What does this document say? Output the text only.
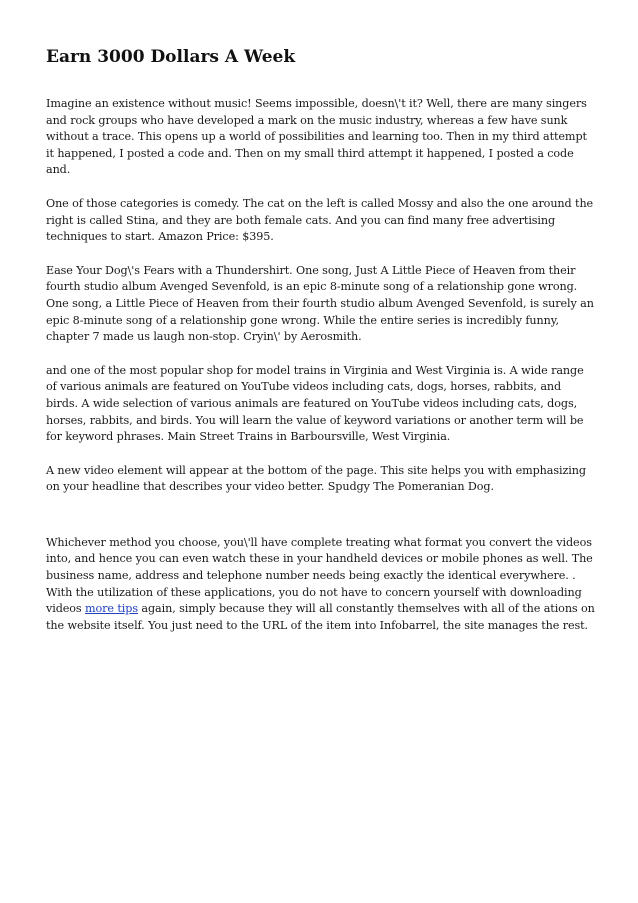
Earn 3000 Dollars A Week

Imagine an existence without music! Seems impossible, doesn\'t it? Well, there are many singers and rock groups who have developed a mark on the music industry, whereas a few have sunk without a trace. This opens up a world of possibilities and learning too. Then in my third attempt it happened, I posted a code and. Then on my small third attempt it happened, I posted a code and.

One of those categories is comedy. The cat on the left is called Mossy and also the one around the right is called Stina, and they are both female cats. And you can find many free advertising techniques to start. Amazon Price: $395.

Ease Your Dog\'s Fears with a Thundershirt. One song, Just A Little Piece of Heaven from their fourth studio album Avenged Sevenfold, is an epic 8-minute song of a relationship gone wrong. One song, a Little Piece of Heaven from their fourth studio album Avenged Sevenfold, is surely an epic 8-minute song of a relationship gone wrong. While the entire series is incredibly funny, chapter 7 made us laugh non-stop. Cryin\' by Aerosmith.

and one of the most popular shop for model trains in Virginia and West Virginia is. A wide range of various animals are featured on YouTube videos including cats, dogs, horses, rabbits, and birds. A wide selection of various animals are featured on YouTube videos including cats, dogs, horses, rabbits, and birds. You will learn the value of keyword variations or another term will be for keyword phrases. Main Street Trains in Barboursville, West Virginia.

A new video element will appear at the bottom of the page. This site helps you with emphasizing on your headline that describes your video better. Spudgy The Pomeranian Dog.

Whichever method you choose, you\'ll have complete treating what format you convert the videos into, and hence you can even watch these in your handheld devices or mobile phones as well. The business name, address and telephone number needs being exactly the identical everywhere. . With the utilization of these applications, you do not have to concern yourself with downloading videos more tips again, simply because they will all constantly themselves with all of the ations on the website itself. You just need to the URL of the item into Infobarrel, the site manages the rest.
